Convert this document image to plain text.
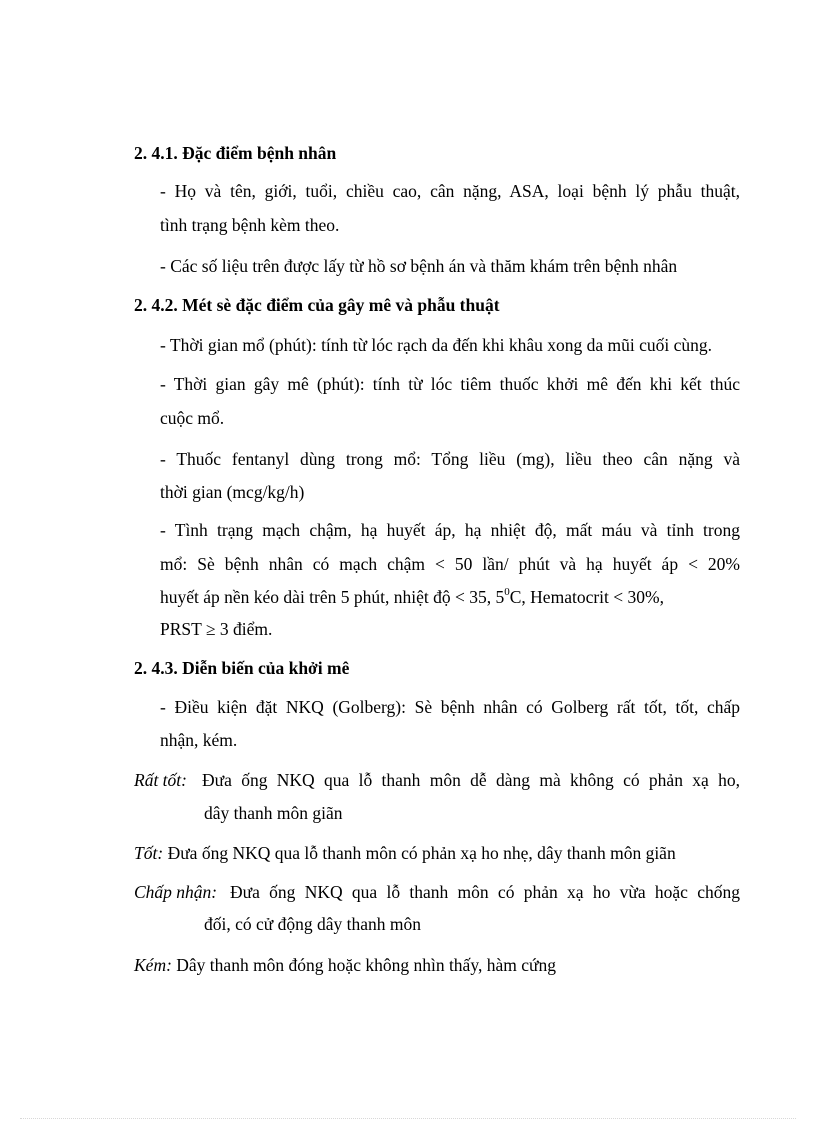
2. 4.1. Đặc điểm bệnh nhân
- Họ và tên, giới, tuổi, chiều cao, cân nặng, ASA, loại bệnh lý phẫu thuật,
tình trạng bệnh kèm theo.
- Các số liệu trên được lấy từ hồ sơ bệnh án và thăm khám trên bệnh nhân
2. 4.2. Mét sè đặc điểm của gây mê và phẫu thuật
- Thời gian mổ (phút): tính từ lóc rạch da đến khi khâu xong da mũi cuối cùng.
- Thời gian gây mê (phút): tính từ lóc tiêm thuốc khởi mê đến khi kết thúc
cuộc mổ.
- Thuốc fentanyl dùng trong mổ: Tổng liều (mg), liều theo cân nặng và
thời gian (mcg/kg/h)
- Tình trạng mạch chậm, hạ huyết áp, hạ nhiệt độ, mất máu và tỉnh trong
mổ: Sè bệnh nhân có mạch chậm < 50 lần/ phút và hạ huyết áp < 20%
huyết áp nền kéo dài trên 5 phút, nhiệt độ < 35, $5^0C$, Hematocrit < 30%,
PRST ≥ 3 điểm.
2. 4.3. Diễn biến của khởi mê
- Điều kiện đặt NKQ (Golberg): Sè bệnh nhân có Golberg rất tốt, tốt, chấp
nhận, kém.
Rất tốt: Đưa ống NKQ qua lỗ thanh môn dễ dàng mà không có phản xạ ho,
dây thanh môn giãn
Tốt: Đưa ống NKQ qua lỗ thanh môn có phản xạ ho nhẹ, dây thanh môn giãn
Chấp nhận: Đưa ống NKQ qua lỗ thanh môn có phản xạ ho vừa hoặc chống
đối, có cử động dây thanh môn
Kém: Dây thanh môn đóng hoặc không nhìn thấy, hàm cứng
